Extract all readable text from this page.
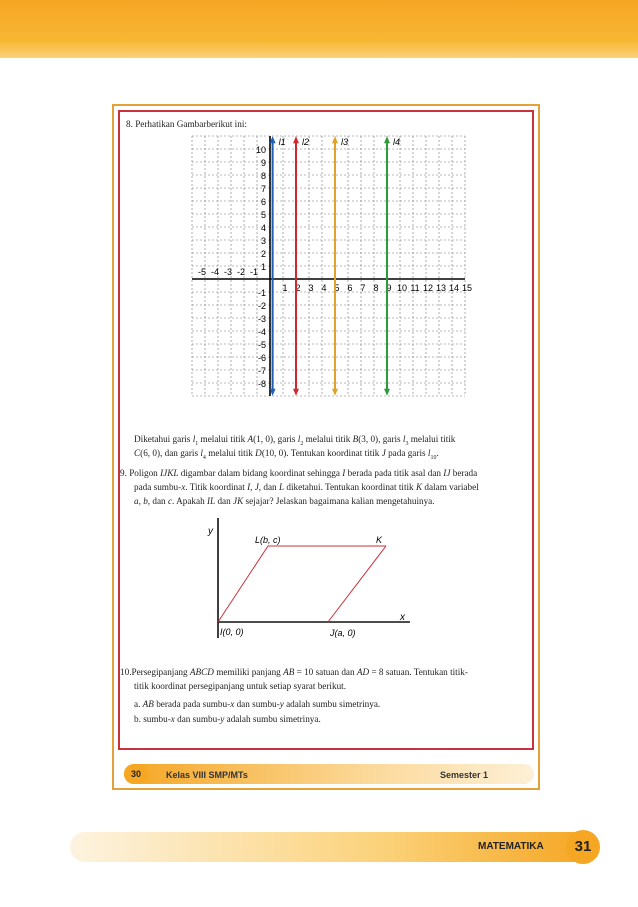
8. Perhatikan Gambarberikut ini:
-5 -4 -3 -2 -1
1 2 3 4 5 6 7 8 9 10 11 12 13 14 15
10
9
8
7
6
5
4
3
2
1
-1
-2
-3
-4
-5
-6
-7
-8
l1 l2	l3	l4
Diketahui garis $l_1$ melalui titik A(1, 0), garis $l_2$ melalui titik B(3, 0), garis $l_3$ melalui titik
C(6, 0), dan garis $l_4$ melalui titik D(10, 0). Tentukan koordinat titik J pada garis $l_{10}$.
9. Poligon IJKL digambar dalam bidang koordinat sehingga I berada pada titik asal dan IJ berada
pada sumbu-x. Titik koordinat I, J, dan L diketahui. Tentukan koordinat titik K dalam variabel
a, b, dan c. Apakah IL dan JK sejajar? Jelaskan bagaimana kalian mengetahuinya.
y
x
L(b, c)	K
I(0, 0)	J(a, 0)
10.Persegipanjang ABCD memiliki panjang AB = 10 satuan dan AD = 8 satuan. Tentukan titik-
titik koordinat persegipanjang untuk setiap syarat berikut.
a. AB berada pada sumbu-x dan sumbu-y adalah sumbu simetrinya.
b. sumbu-x dan sumbu-y adalah sumbu simetrinya.
30	Kelas VIII SMP/MTs	Semester 1
MATEMATIKA	31
